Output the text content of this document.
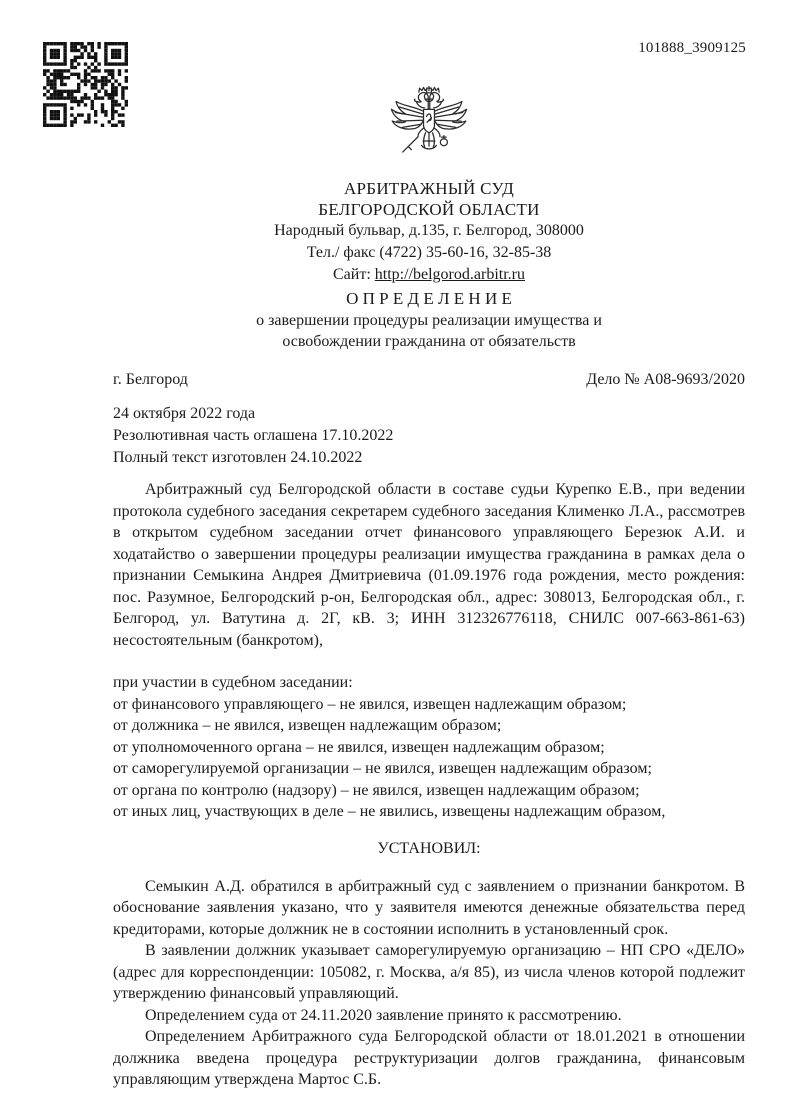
101888_3909125
АРБИТРАЖНЫЙ СУД
БЕЛГОРОДСКОЙ ОБЛАСТИ
Народный бульвар, д.135, г. Белгород, 308000
Тел./ факс (4722) 35-60-16, 32-85-38
Сайт: http://belgorod.arbitr.ru
О П Р Е Д Е Л Е Н И Е
о завершении процедуры реализации имущества и
освобождении гражданина от обязательств
г. Белгород	Дело № А08-9693/2020
24 октября 2022 года
Резолютивная часть оглашена 17.10.2022
Полный текст изготовлен 24.10.2022

Арбитражный суд Белгородской области в составе судьи Курепко Е.В., при ведении протокола судебного заседания секретарем судебного заседания Клименко Л.А., рассмотрев в открытом судебном заседании отчет финансового управляющего Березюк А.И. и ходатайство о завершении процедуры реализации имущества гражданина в рамках дела о признании Семыкина Андрея Дмитриевича (01.09.1976 года рождения, место рождения: пос. Разумное, Белгородский р-он, Белгородская обл., адрес: 308013, Белгородская обл., г. Белгород, ул. Ватутина д. 2Г, кВ. 3; ИНН 312326776118, СНИЛС 007-663-861-63) несостоятельным (банкротом),

при участии в судебном заседании:
от финансового управляющего – не явился, извещен надлежащим образом;
от должника – не явился, извещен надлежащим образом;
от уполномоченного органа – не явился, извещен надлежащим образом;
от саморегулируемой организации – не явился, извещен надлежащим образом;
от органа по контролю (надзору) – не явился, извещен надлежащим образом;
от иных лиц, участвующих в деле – не явились, извещены надлежащим образом,
УСТАНОВИЛ:

Семыкин А.Д. обратился в арбитражный суд с заявлением о признании банкротом. В обоснование заявления указано, что у заявителя имеются денежные обязательства перед кредиторами, которые должник не в состоянии исполнить в установленный срок.

В заявлении должник указывает саморегулируемую организацию – НП СРО «ДЕЛО» (адрес для корреспонденции: 105082, г. Москва, а/я 85), из числа членов которой подлежит утверждению финансовый управляющий.

Определением суда от 24.11.2020 заявление принято к рассмотрению.

Определением Арбитражного суда Белгородской области от 18.01.2021 в отношении должника введена процедура реструктуризации долгов гражданина, финансовым управляющим утверждена Мартос С.Б.
